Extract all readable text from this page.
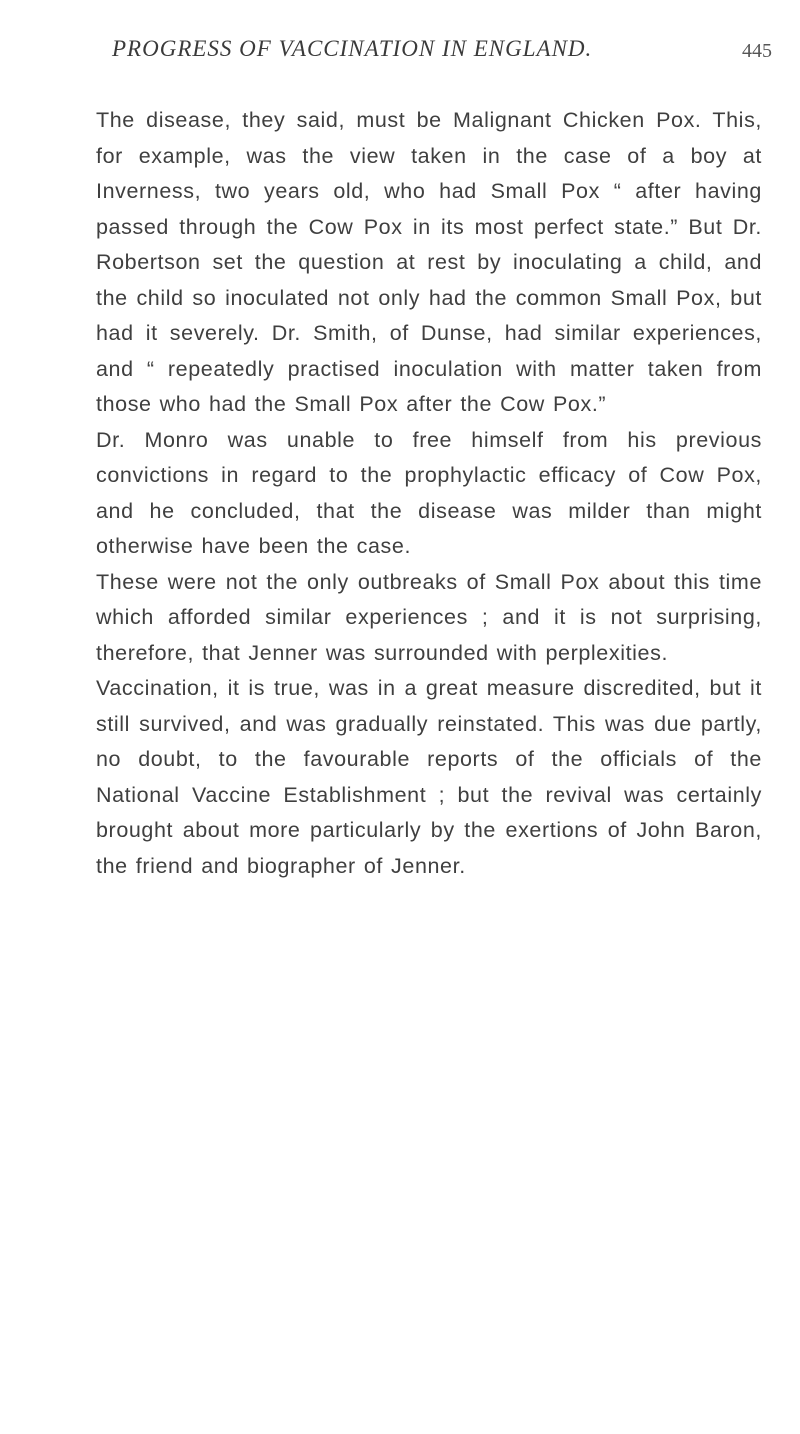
PROGRESS OF VACCINATION IN ENGLAND.	445

The disease, they said, must be Malignant Chicken Pox. This, for example, was the view taken in the case of a boy at Inverness, two years old, who had Small Pox “ after having passed through the Cow Pox in its most perfect state.” But Dr. Robertson set the question at rest by inoculating a child, and the child so inoculated not only had the common Small Pox, but had it severely. Dr. Smith, of Dunse, had similar experiences, and “ repeatedly practised inoculation with matter taken from those who had the Small Pox after the Cow Pox.”

Dr. Monro was unable to free himself from his previous convictions in regard to the prophylactic efficacy of Cow Pox, and he concluded, that the disease was milder than might otherwise have been the case.

These were not the only outbreaks of Small Pox about this time which afforded similar experiences ; and it is not surprising, therefore, that Jenner was surrounded with perplexities.

Vaccination, it is true, was in a great measure discredited, but it still survived, and was gradually reinstated. This was due partly, no doubt, to the favourable reports of the officials of the National Vaccine Establishment ; but the revival was certainly brought about more particularly by the exertions of John Baron, the friend and biographer of Jenner.
